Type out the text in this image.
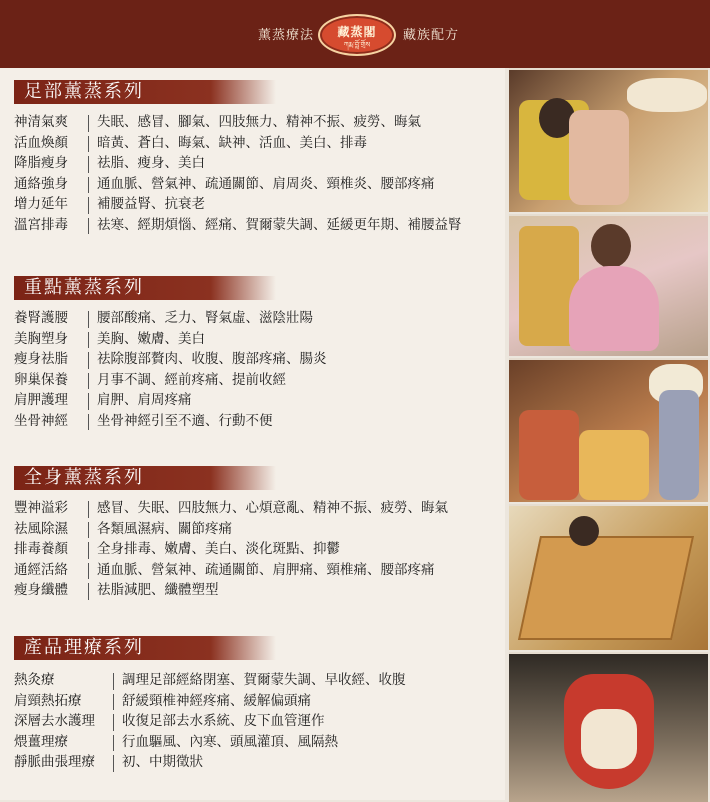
薰蒸療法	藏蒸閣
ཀརྨ་བློ་གྲོས
藏族配方
足部薰蒸系列
神清氣爽	失眠、感冒、腳氣、四肢無力、精神不振、疲勞、晦氣
活血煥顏	暗黃、蒼白、晦氣、缺神、活血、美白、排毒
降脂瘦身	祛脂、瘦身、美白
通絡強身	通血脈、營氣神、疏通關節、肩周炎、頸椎炎、腰部疼痛
增力延年	補腰益腎、抗衰老
溫宮排毒	祛寒、經期煩惱、經痛、賀爾蒙失調、延緩更年期、補腰益腎
重點薰蒸系列
養腎護腰	腰部酸痛、乏力、腎氣虛、滋陰壯陽
美胸塑身	美胸、嫩膚、美白
瘦身祛脂	祛除腹部贅肉、收腹、腹部疼痛、腸炎
卵巢保養	月事不調、經前疼痛、提前收經
肩胛護理	肩胛、肩周疼痛
坐骨神經	坐骨神經引至不適、行動不便
全身薰蒸系列
豐神溢彩	感冒、失眠、四肢無力、心煩意亂、精神不振、疲勞、晦氣
祛風除濕	各類風濕病、關節疼痛
排毒養顏	全身排毒、嫩膚、美白、淡化斑點、抑鬱
通經活絡	通血脈、營氣神、疏通關節、肩胛痛、頸椎痛、腰部疼痛
瘦身纖體	祛脂減肥、纖體塑型
產品理療系列
熱灸療	調理足部經絡閉塞、賀爾蒙失調、早收經、收腹
肩頸熱拓療	舒緩頸椎神經疼痛、緩解偏頭痛
深層去水護理	收復足部去水系統、皮下血管運作
煨薑理療	行血驅風、內寒、頭風灌頂、風隔熱
靜脈曲張理療	初、中期徵狀
